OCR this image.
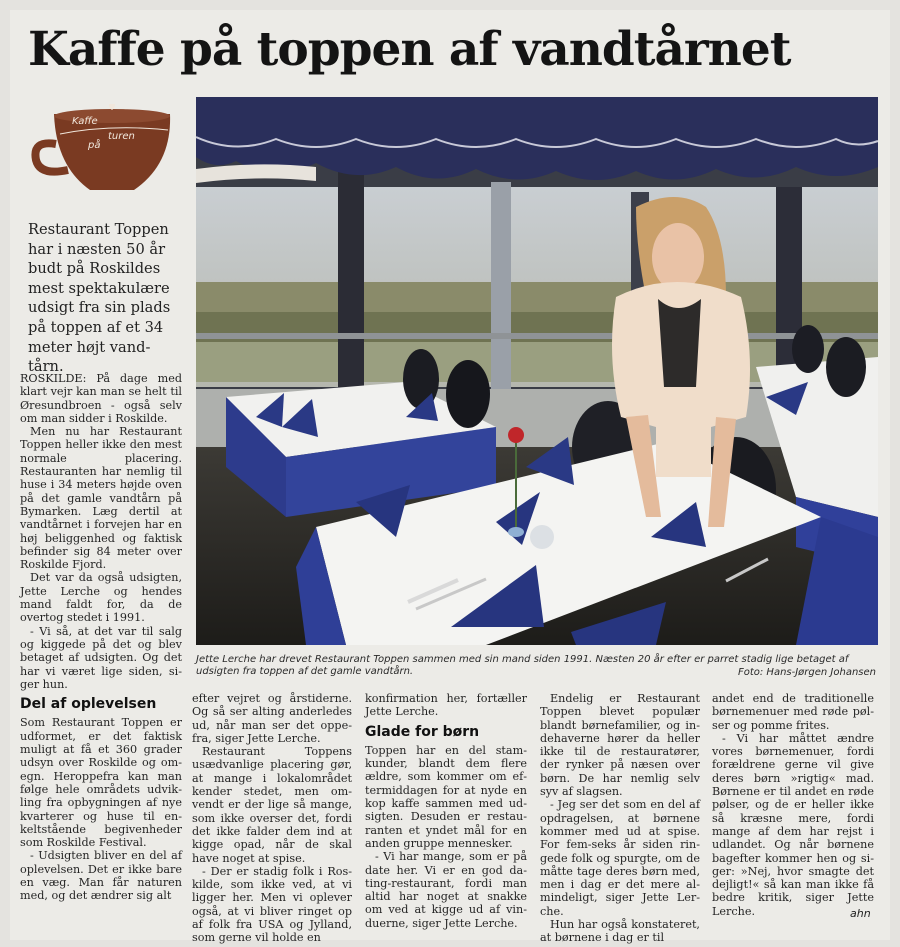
Kaffe på toppen af vandtårnet
Kaffe
turen
på
Restaurant Toppen har i næsten 50 år budt på Roskildes mest spektakulære udsigt fra sin plads på toppen af et 34 meter højt vandtårn.
Jette Lerche har drevet Restaurant Toppen sammen med sin mand siden 1991. Næsten 20 år efter er parret stadig lige betaget af udsigten fra toppen af det gamle vandtårn.	Foto: Hans-Jørgen Johansen

ROSKILDE: På dage med klart vejr kan man se helt til Øresundbroen - også selv om man sidder i Roskilde.

Men nu har Restaurant Toppen heller ikke den mest normale placering. Restauranten har nemlig til huse i 34 meters højde oven på det gamle vandtårn på Bymarken. Læg dertil at vandtårnet i forvejen har en høj beliggenhed og faktisk befinder sig 84 meter over Roskilde Fjord.

Det var da også udsigten, Jette Lerche og hendes mand faldt for, da de overtog stedet i 1991.

- Vi så, at det var til salg og kiggede på det og blev betaget af udsigten. Og det har vi været lige siden, siger hun.

Del af oplevelsen

Som Restaurant Toppen er udformet, er det faktisk muligt at få et 360 grader udsyn over Roskilde og omegn. Heroppefra kan man følge hele områdets udvikling fra opbygningen af nye kvarterer og huse til enkeltstående begivenheder som Roskilde Festival.

- Udsigten bliver en del af oplevelsen. Det er ikke bare en væg. Man får naturen med, og det ændrer sig alt

efter vejret og årstiderne. Og så ser alting anderledes ud, når man ser det oppefra, siger Jette Lerche.

Restaurant Toppens usædvanlige placering gør, at mange i lokalområdet kender stedet, men omvendt er der lige så mange, som ikke overser det, fordi det ikke falder dem ind at kigge opad, når de skal have noget at spise.

- Der er stadig folk i Roskilde, som ikke ved, at vi ligger her. Men vi oplever også, at vi bliver ringet op af folk fra USA og Jylland, som gerne vil holde en

konfirmation her, fortæller Jette Lerche.

Glade for børn

Toppen har en del stamkunder, blandt dem flere ældre, som kommer om eftermiddagen for at nyde en kop kaffe sammen med udsigten. Desuden er restauranten et yndet mål for en anden gruppe mennesker.

- Vi har mange, som er på date her. Vi er en god dating-restaurant, fordi man altid har noget at snakke om ved at kigge ud af vinduerne, siger Jette Lerche.

Endelig er Restaurant Toppen blevet populær blandt børnefamilier, og indehaverne hører da heller ikke til de restauratører, der rynker på næsen over børn. De har nemlig selv syv af slagsen.

- Jeg ser det som en del af opdragelsen, at børnene kommer med ud at spise. For fem-seks år siden ringede folk og spurgte, om de måtte tage deres børn med, men i dag er det mere almindeligt, siger Jette Lerche.

Hun har også konstateret, at børnene i dag er til

andet end de traditionelle børnemenuer med røde pølser og pomme frites.

- Vi har måttet ændre vores børnemenuer, fordi forældrene gerne vil give deres børn »rigtig« mad. Børnene er til andet en røde pølser, og de er heller ikke så kræsne mere, fordi mange af dem har rejst i udlandet. Og når børnene bagefter kommer hen og siger: »Nej, hvor smagte det dejligt!« så kan man ikke få bedre kritik, siger Jette Lerche.	ahn
